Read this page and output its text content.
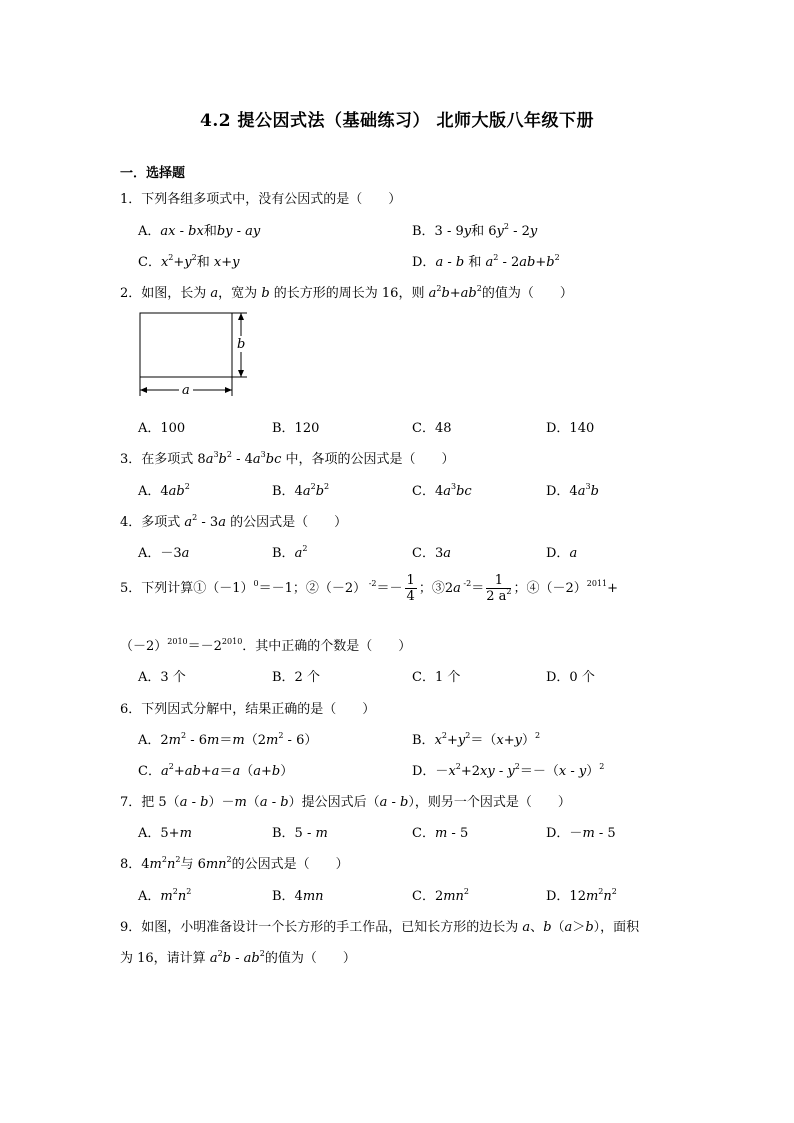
4.2 提公因式法（基础练习） 北师大版八年级下册
一．选择题
1．下列各组多项式中，没有公因式的是（　　）
A．ax - bx和by - ay	B．3 - 9y和 $6y^2 - 2y$
C．$x^2+y^2$和 x+y	D．a - b 和 $a^2 - 2ab+b^2$
2．如图，长为 a，宽为 b 的长方形的周长为 16，则 $a^2b+ab^2$的值为（　　）
b
a
A．100	B．120	C．48	D．140
3．在多项式 $8a^3b^2 - 4a^3bc$ 中，各项的公因式是（　　）
A．$4ab^2$	B．$4a^2b^2$	C．$4a^3bc$	D．$4a^3b$
4．多项式 $a^2 - 3a$ 的公因式是（　　）
A．－3a	B．$a^2$	C．3a	D．a
5．下列计算$①(-1)^0=-1$；②（－2） $^{-2}=- \frac{1}{4}$ ；③2a $^{-2}= \frac{1}{2 a^2}$ ；$④(-2)^{2011}+$
$(-2)^{2010}=-2^{2010}$．其中正确的个数是（　　）
A．3 个	B．2 个	C．1 个	D．0 个
6．下列因式分解中，结果正确的是（　　）
A．$2m^2 - 6m=m(2m^2 - 6)$	B．$x^2+y^2=(x+y)^2$
C．$a^2+ab+a=a(a+b)$	D．$-x^2+2xy - y^2=-(x - y)^2$
7．把 5（a - b）－m（a - b）提公因式后（a - b），则另一个因式是（　　）
A．5+m	B．5 - m	C．m - 5	D．－m - 5
8．$4m^2n^2$与 $6mn^2$的公因式是（　　）
A．$m^2n^2$	B．4mn	C．$2mn^2$	D．$12m^2n^2$
9．如图，小明准备设计一个长方形的手工作品，已知长方形的边长为 a、b（a＞b），面积
为 16，请计算 $a^2b - ab^2$的值为（　　）
